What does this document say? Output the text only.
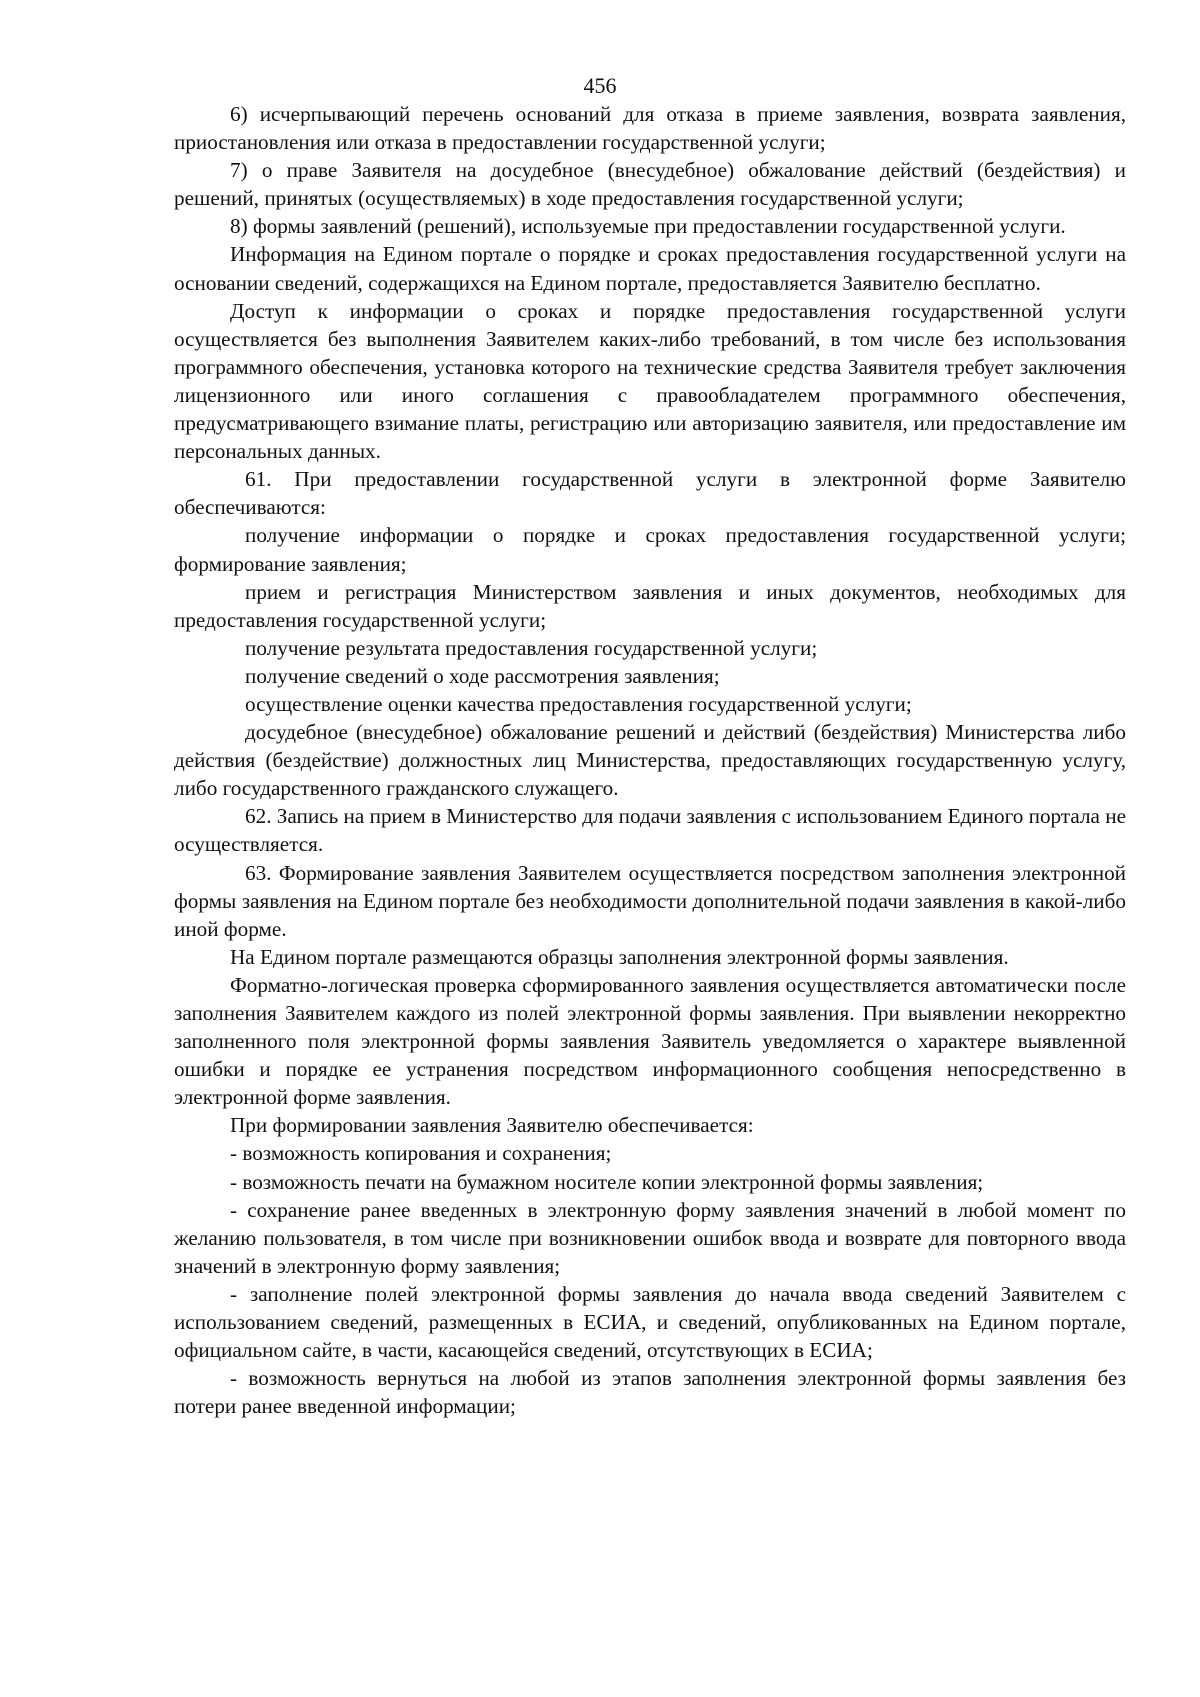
456

6) исчерпывающий перечень оснований для отказа в приеме заявления, возврата заявления, приостановления или отказа в предоставлении государственной услуги;

7) о праве Заявителя на досудебное (внесудебное) обжалование действий (бездействия) и решений, принятых (осуществляемых) в ходе предоставления государственной услуги;

8) формы заявлений (решений), используемые при предоставлении государственной услуги.

Информация на Едином портале о порядке и сроках предоставления государственной услуги на основании сведений, содержащихся на Едином портале, предоставляется Заявителю бесплатно.

Доступ к информации о сроках и порядке предоставления государственной услуги осуществляется без выполнения Заявителем каких-либо требований, в том числе без использования программного обеспечения, установка которого на технические средства Заявителя требует заключения лицензионного или иного соглашения с правообладателем программного обеспечения, предусматривающего взимание платы, регистрацию или авторизацию заявителя, или предоставление им персональных данных.

61. При предоставлении государственной услуги в электронной форме Заявителю обеспечиваются:

получение информации о порядке и сроках предоставления государственной услуги; формирование заявления;

прием и регистрация Министерством заявления и иных документов, необходимых для предоставления государственной услуги;

получение результата предоставления государственной услуги;

получение сведений о ходе рассмотрения заявления;

осуществление оценки качества предоставления государственной услуги;

досудебное (внесудебное) обжалование решений и действий (бездействия) Министерства либо действия (бездействие) должностных лиц Министерства, предоставляющих государственную услугу, либо государственного гражданского служащего.

62. Запись на прием в Министерство для подачи заявления с использованием Единого портала не осуществляется.

63. Формирование заявления Заявителем осуществляется посредством заполнения электронной формы заявления на Едином портале без необходимости дополнительной подачи заявления в какой-либо иной форме.

На Едином портале размещаются образцы заполнения электронной формы заявления.

Форматно-логическая проверка сформированного заявления осуществляется автоматически после заполнения Заявителем каждого из полей электронной формы заявления. При выявлении некорректно заполненного поля электронной формы заявления Заявитель уведомляется о характере выявленной ошибки и порядке ее устранения посредством информационного сообщения непосредственно в электронной форме заявления.

При формировании заявления Заявителю обеспечивается:

- возможность копирования и сохранения;

- возможность печати на бумажном носителе копии электронной формы заявления;

- сохранение ранее введенных в электронную форму заявления значений в любой момент по желанию пользователя, в том числе при возникновении ошибок ввода и возврате для повторного ввода значений в электронную форму заявления;

- заполнение полей электронной формы заявления до начала ввода сведений Заявителем с использованием сведений, размещенных в ЕСИА, и сведений, опубликованных на Едином портале, официальном сайте, в части, касающейся сведений, отсутствующих в ЕСИА;

- возможность вернуться на любой из этапов заполнения электронной формы заявления без потери ранее введенной информации;
